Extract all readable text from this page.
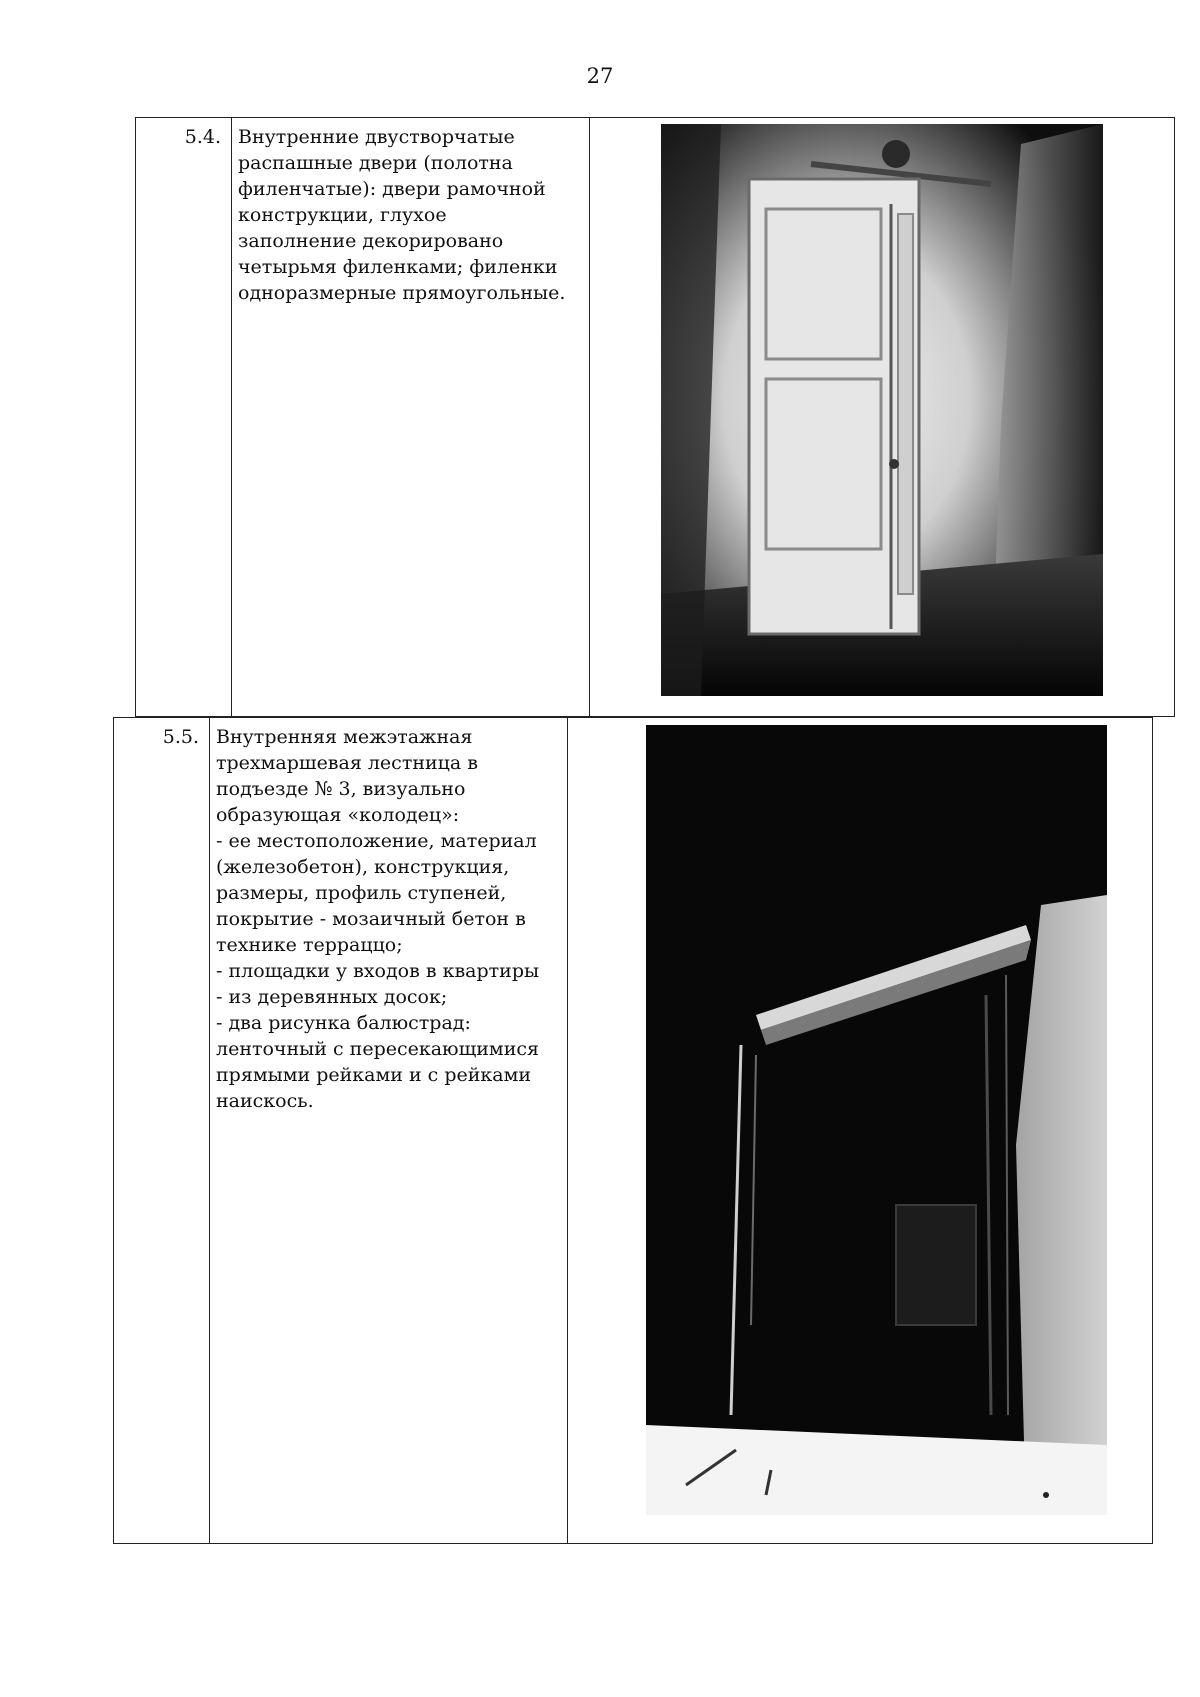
27
5.4.	Внутренние двустворчатые
распашные двери (полотна
филенчатые): двери рамочной
конструкции, глухое
заполнение декорировано
четырьмя филенками; филенки
одноразмерные прямоугольные.

5.5.	Внутренняя межэтажная
трехмаршевая лестница в
подъезде № 3, визуально
образующая «колодец»:
- ее местоположение, материал
(железобетон), конструкция,
размеры, профиль ступеней,
покрытие - мозаичный бетон в
технике терраццо;
- площадки у входов в квартиры
- из деревянных досок;
- два рисунка балюстрад:
ленточный с пересекающимися
прямыми рейками и с рейками
наискось.
